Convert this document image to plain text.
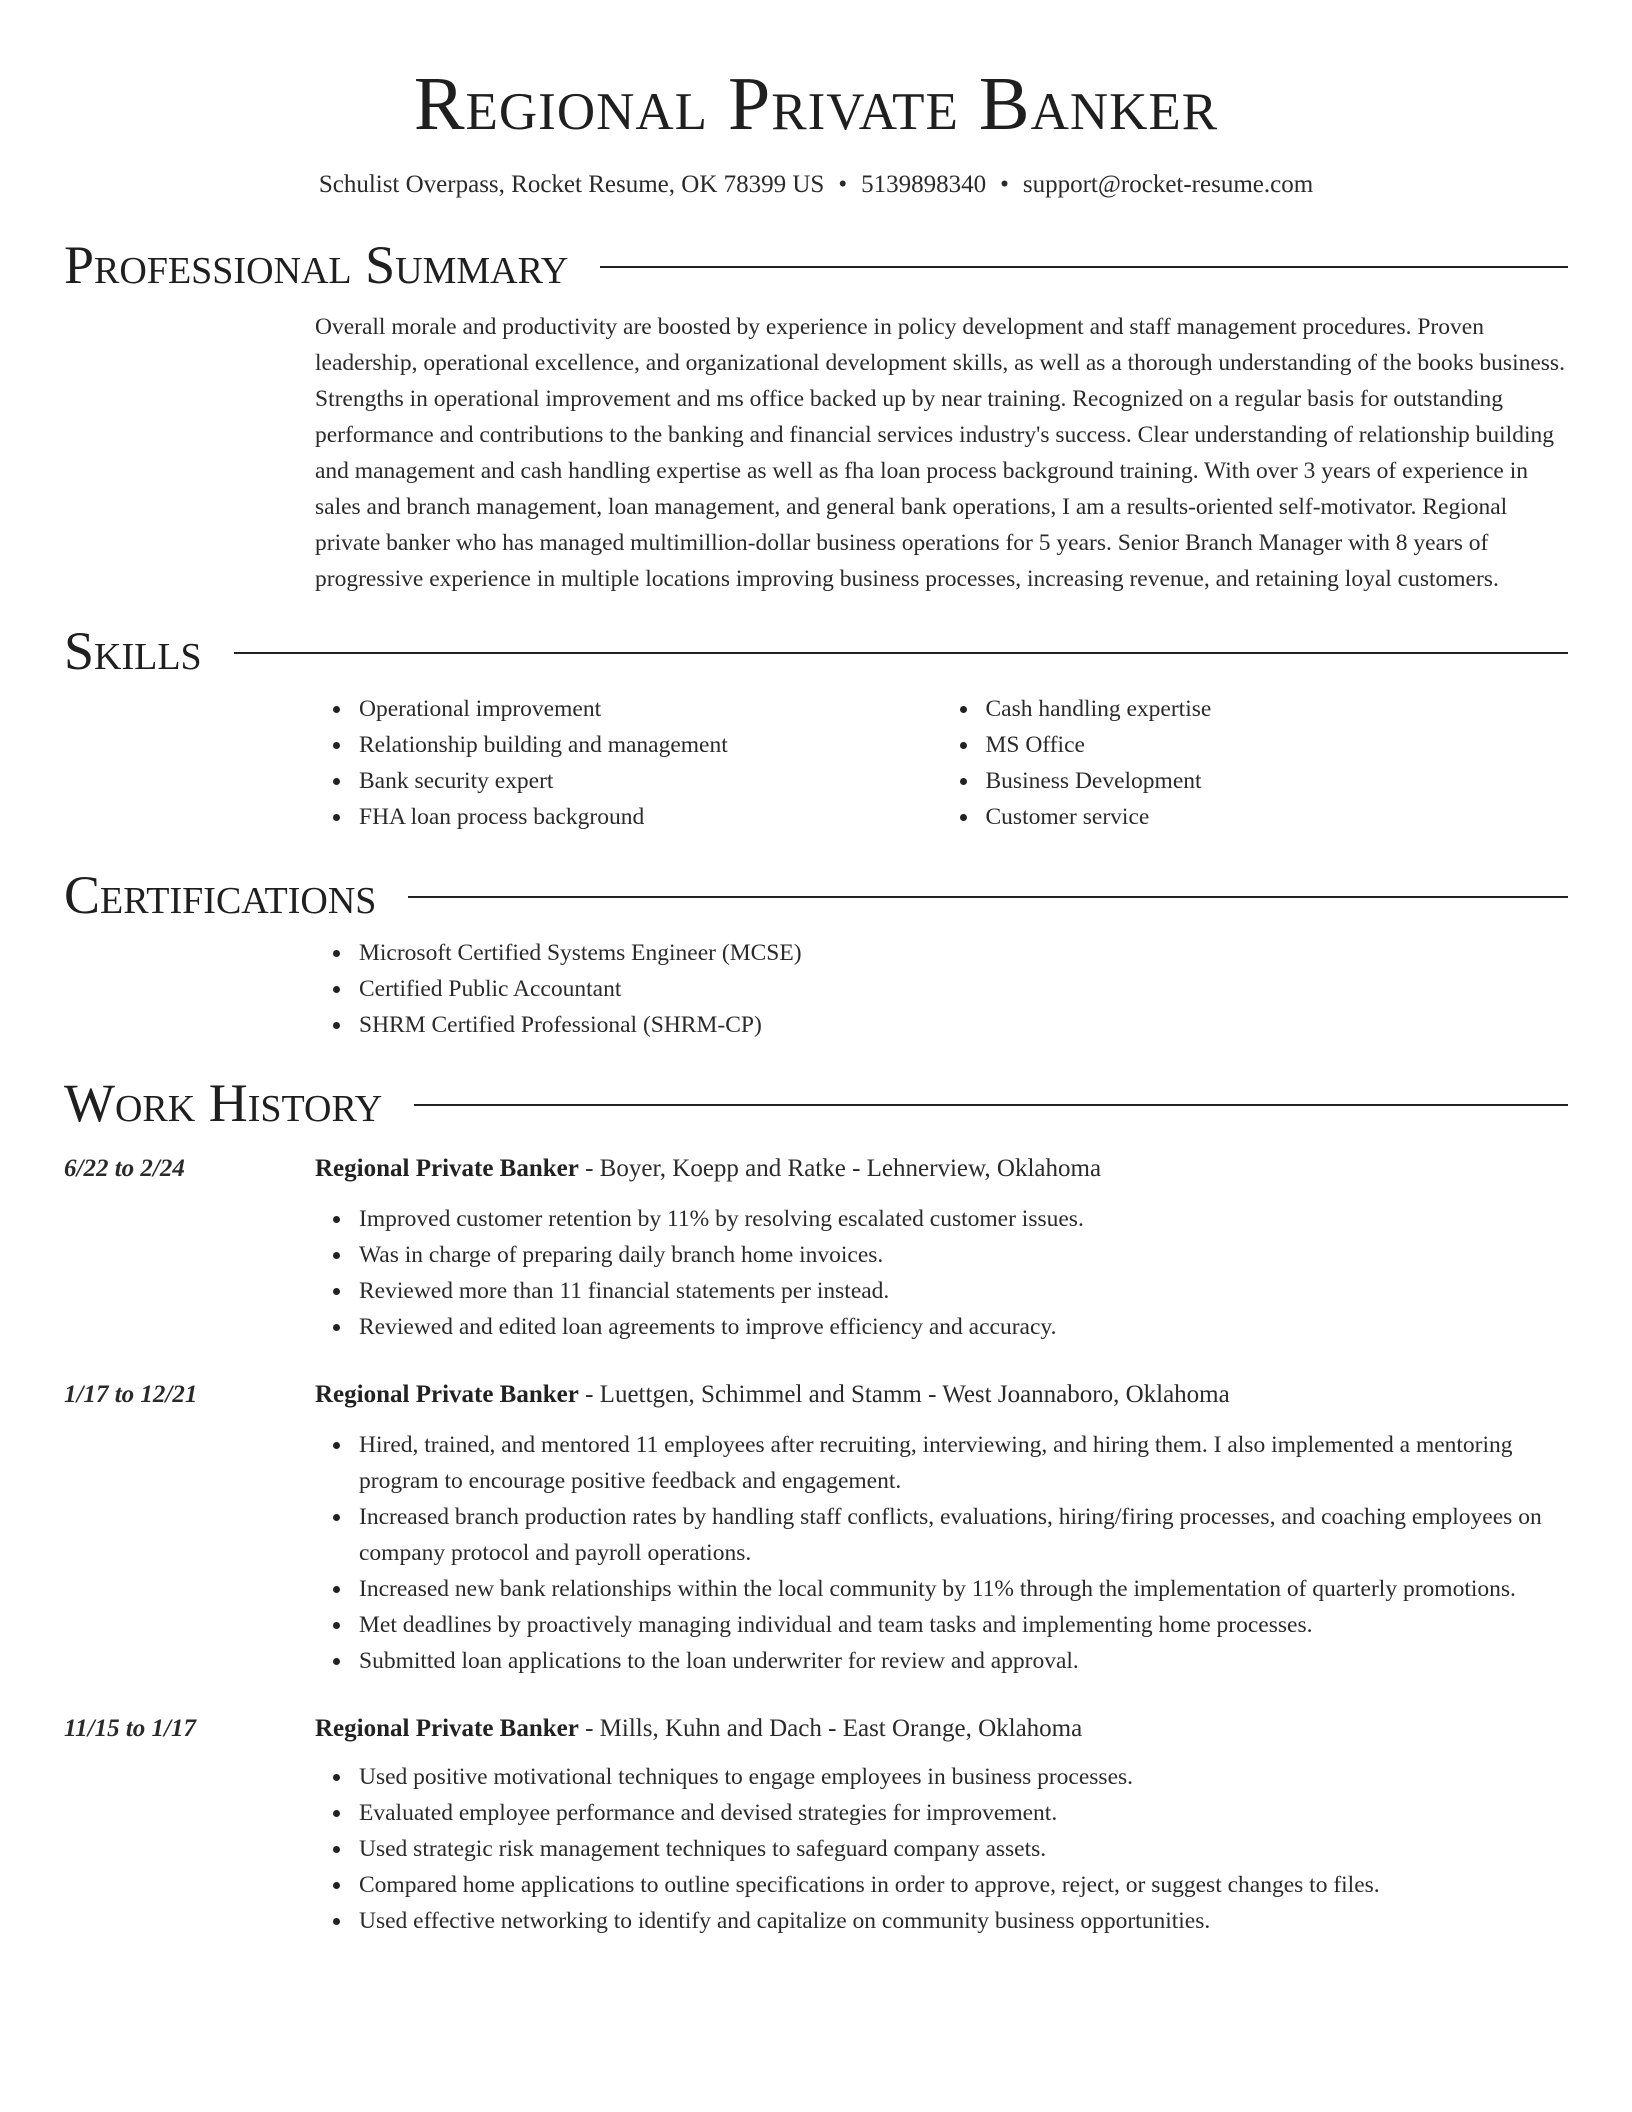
Regional Private Banker
Schulist Overpass, Rocket Resume, OK 78399 US • 5139898340 • support@rocket-resume.com
Professional Summary
Overall morale and productivity are boosted by experience in policy development and staff management procedures. Proven leadership, operational excellence, and organizational development skills, as well as a thorough understanding of the books business. Strengths in operational improvement and ms office backed up by near training. Recognized on a regular basis for outstanding performance and contributions to the banking and financial services industry's success. Clear understanding of relationship building and management and cash handling expertise as well as fha loan process background training. With over 3 years of experience in sales and branch management, loan management, and general bank operations, I am a results-oriented self-motivator. Regional private banker who has managed multimillion-dollar business operations for 5 years. Senior Branch Manager with 8 years of progressive experience in multiple locations improving business processes, increasing revenue, and retaining loyal customers.
Skills
Operational improvement
Relationship building and management
Bank security expert
FHA loan process background
Cash handling expertise
MS Office
Business Development
Customer service
Certifications
Microsoft Certified Systems Engineer (MCSE)
Certified Public Accountant
SHRM Certified Professional (SHRM-CP)
Work History
6/22 to 2/24	Regional Private Banker - Boyer, Koepp and Ratke - Lehnerview, Oklahoma
Improved customer retention by 11% by resolving escalated customer issues.
Was in charge of preparing daily branch home invoices.
Reviewed more than 11 financial statements per instead.
Reviewed and edited loan agreements to improve efficiency and accuracy.
1/17 to 12/21	Regional Private Banker - Luettgen, Schimmel and Stamm - West Joannaboro, Oklahoma
Hired, trained, and mentored 11 employees after recruiting, interviewing, and hiring them. I also implemented a mentoring program to encourage positive feedback and engagement.
Increased branch production rates by handling staff conflicts, evaluations, hiring/firing processes, and coaching employees on company protocol and payroll operations.
Increased new bank relationships within the local community by 11% through the implementation of quarterly promotions.
Met deadlines by proactively managing individual and team tasks and implementing home processes.
Submitted loan applications to the loan underwriter for review and approval.
11/15 to 1/17	Regional Private Banker - Mills, Kuhn and Dach - East Orange, Oklahoma
Used positive motivational techniques to engage employees in business processes.
Evaluated employee performance and devised strategies for improvement.
Used strategic risk management techniques to safeguard company assets.
Compared home applications to outline specifications in order to approve, reject, or suggest changes to files.
Used effective networking to identify and capitalize on community business opportunities.
